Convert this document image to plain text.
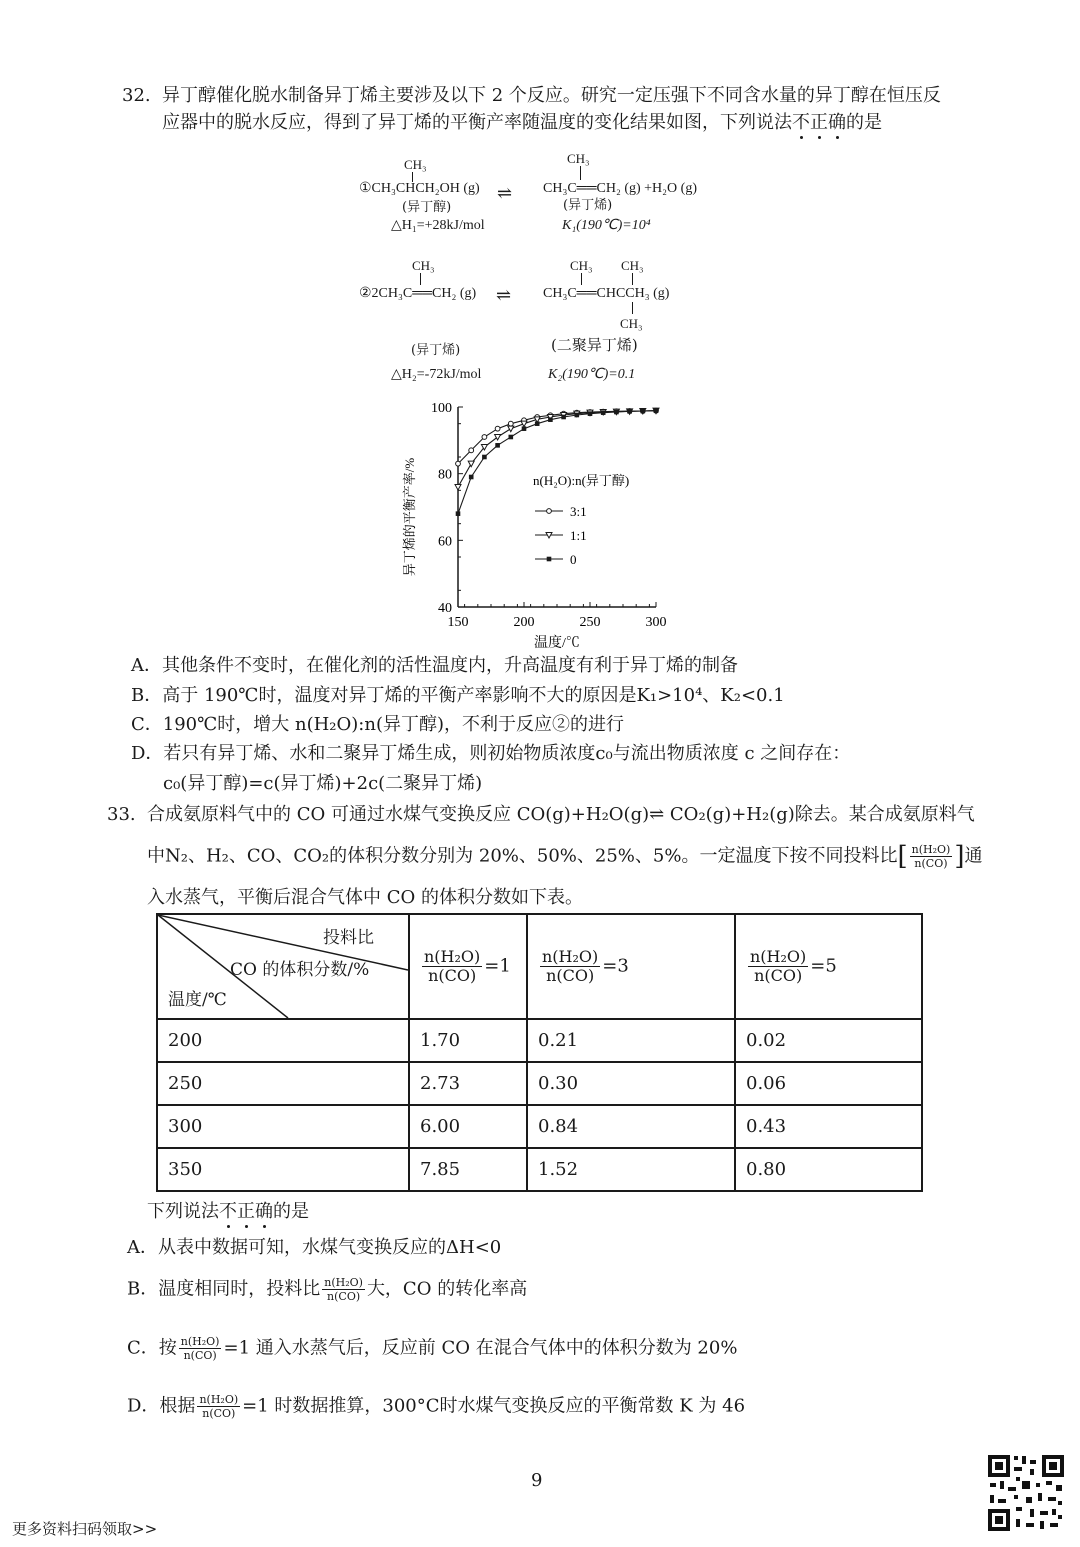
32. 异丁醇催化脱水制备异丁烯主要涉及以下 2 个反应。研究一定压强下不同含水量的异丁醇在恒压反
应器中的脱水反应，得到了异丁烯的平衡产率随温度的变化结果如图，下列说法不正确的是
CH₃
①CH₃CHCH₂OH (g) ⇌
CH₃
CH₃C══CH₂ (g) +H₂O (g)
(异丁醇)	(异丁烯)
△H₁=+28kJ/mol	K₁(190℃)=10⁴
CH₃
②2CH₃C══CH₂ (g) ⇌
CH₃ CH₃
CH₃C══CHCCH₃ (g)
CH₃
(异丁烯)	(二聚异丁烯)
△H₂=-72kJ/mol	K₂(190℃)=0.1
150	200	250	300
40
60
80
100
温度/℃
异丁烯的平衡产率/%	n(H₂O):n(异丁醇)
3:1
1:1
0
A．其他条件不变时，在催化剂的活性温度内，升高温度有利于异丁烯的制备
B．高于 190℃时，温度对异丁烯的平衡产率影响不大的原因是K₁>10⁴、K₂<0.1
C．190℃时，增大 n(H₂O):n(异丁醇)，不利于反应②的进行
D．若只有异丁烯、水和二聚异丁烯生成，则初始物质浓度c₀与流出物质浓度 c 之间存在：
c₀(异丁醇)=c(异丁烯)+2c(二聚异丁烯)
33. 合成氨原料气中的 CO 可通过水煤气变换反应 CO(g)+H₂O(g)⇌ CO₂(g)+H₂(g)除去。某合成氨原料气
中N₂、H₂、CO、CO₂的体积分数分别为 20%、50%、25%、5%。一定温度下按不同投料比[ $\frac{\text{n(H₂O)}}{n(CO)}$ ]通
入水蒸气，平衡后混合气体中 CO 的体积分数如下表。
投料比
CO 的体积分数/%
温度/℃	$\frac{\text{n(H₂O)}}{n(CO)} =1$	$\frac{\text{n(H₂O)}}{n(CO)} =3$	$\frac{\text{n(H₂O)}}{n(CO)} =5$
200	1.70	0.21	0.02
250	2.73	0.30	0.06
300	6.00	0.84	0.43
350	7.85	1.52	0.80
下列说法不正确的是
A．从表中数据可知，水煤气变换反应的ΔH<0
B．温度相同时，投料比 $\frac{\text{n(H₂O)}}{n(CO)}$ 大，CO 的转化率高
C．按 $\frac{\text{n(H₂O)}}{n(CO)} =1$ 通入水蒸气后，反应前 CO 在混合气体中的体积分数为 20%
D．根据 $\frac{\text{n(H₂O)}}{n(CO)} =1$ 时数据推算，300°C时水煤气变换反应的平衡常数 K 为 46
9
更多资料扫码领取>>
